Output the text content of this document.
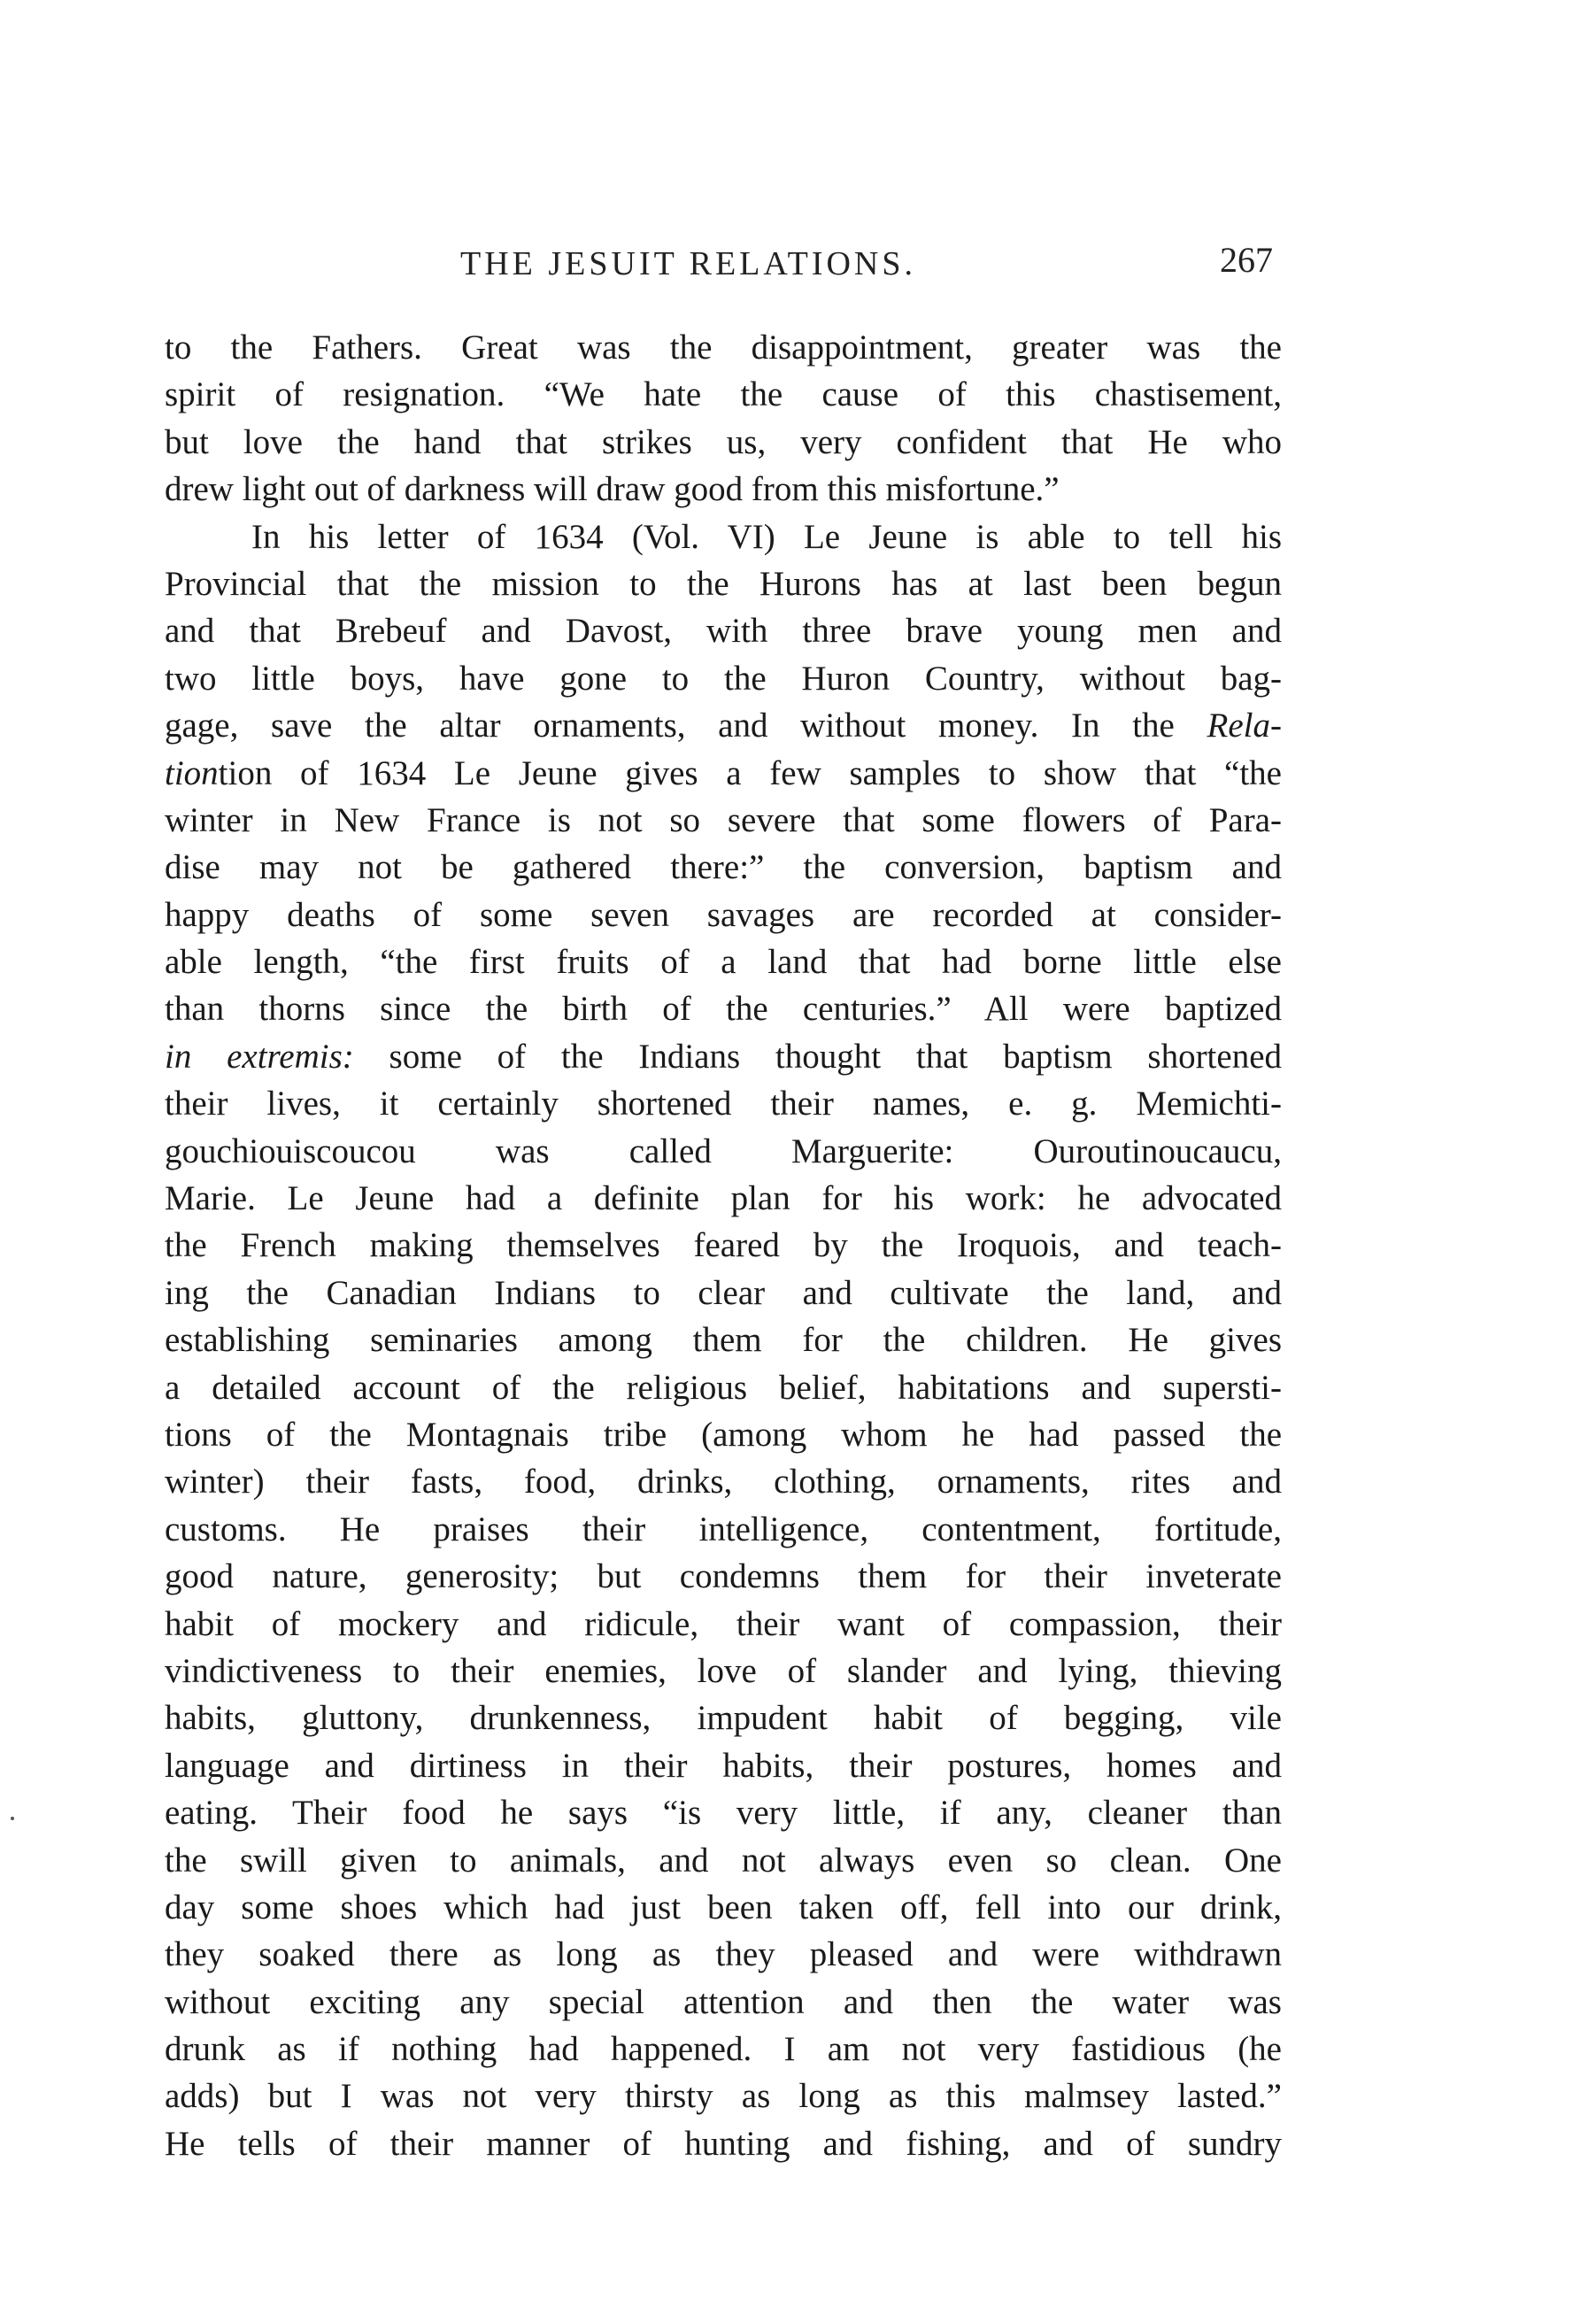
THE JESUIT RELATIONS.	267
to the Fathers. Great was the disappointment, greater was the
spirit of resignation. “We hate the cause of this chastisement,
but love the hand that strikes us, very confident that He who
drew light out of darkness will draw good from this misfortune.”
In his letter of 1634 (Vol. VI) Le Jeune is able to tell his
Provincial that the mission to the Hurons has at last been begun
and that Brebeuf and Davost, with three brave young men and
two little boys, have gone to the Huron Country, without bag-
gage, save the altar ornaments, and without money. In the Rela-
tiontion of 1634 Le Jeune gives a few samples to show that “the
winter in New France is not so severe that some flowers of Para-
dise may not be gathered there:” the conversion, baptism and
happy deaths of some seven savages are recorded at consider-
able length, “the first fruits of a land that had borne little else
than thorns since the birth of the centuries.” All were baptized
in extremis: some of the Indians thought that baptism shortened
their lives, it certainly shortened their names, e. g. Memichti-
gouchiouiscoucou was called Marguerite: Ouroutinoucaucu,
Marie. Le Jeune had a definite plan for his work: he advocated
the French making themselves feared by the Iroquois, and teach-
ing the Canadian Indians to clear and cultivate the land, and
establishing seminaries among them for the children. He gives
a detailed account of the religious belief, habitations and supersti-
tions of the Montagnais tribe (among whom he had passed the
winter) their fasts, food, drinks, clothing, ornaments, rites and
customs. He praises their intelligence, contentment, fortitude,
good nature, generosity; but condemns them for their inveterate
habit of mockery and ridicule, their want of compassion, their
vindictiveness to their enemies, love of slander and lying, thieving
habits, gluttony, drunkenness, impudent habit of begging, vile
language and dirtiness in their habits, their postures, homes and
eating. Their food he says “is very little, if any, cleaner than
the swill given to animals, and not always even so clean. One
day some shoes which had just been taken off, fell into our drink,
they soaked there as long as they pleased and were withdrawn
without exciting any special attention and then the water was
drunk as if nothing had happened. I am not very fastidious (he
adds) but I was not very thirsty as long as this malmsey lasted.”
He tells of their manner of hunting and fishing, and of sundry
